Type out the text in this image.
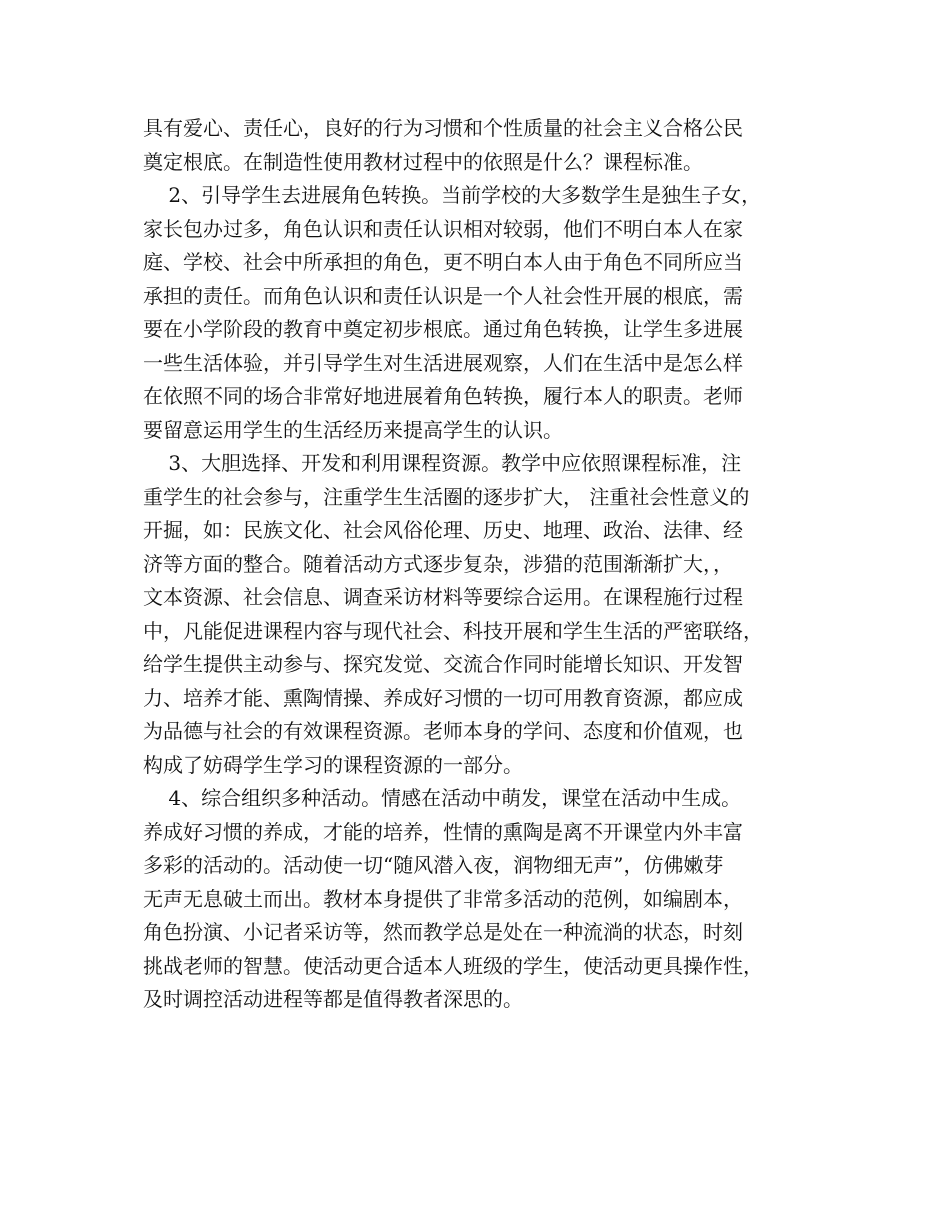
具有爱心、责任心，良好的行为习惯和个性质量的社会主义合格公民
奠定根底。在制造性使用教材过程中的依照是什么？课程标准。
2、引导学生去进展角色转换。当前学校的大多数学生是独生子女，
家长包办过多，角色认识和责任认识相对较弱，他们不明白本人在家
庭、学校、社会中所承担的角色，更不明白本人由于角色不同所应当
承担的责任。而角色认识和责任认识是一个人社会性开展的根底，需
要在小学阶段的教育中奠定初步根底。通过角色转换，让学生多进展
一些生活体验，并引导学生对生活进展观察，人们在生活中是怎么样
在依照不同的场合非常好地进展着角色转换，履行本人的职责。老师
要留意运用学生的生活经历来提高学生的认识。
3、大胆选择、开发和利用课程资源。教学中应依照课程标准，注
重学生的社会参与，注重学生生活圈的逐步扩大， 注重社会性意义的
开掘，如：民族文化、社会风俗伦理、历史、地理、政治、法律、经
济等方面的整合。随着活动方式逐步复杂，涉猎的范围渐渐扩大，，
文本资源、社会信息、调查采访材料等要综合运用。在课程施行过程
中，凡能促进课程内容与现代社会、科技开展和学生生活的严密联络，
给学生提供主动参与、探究发觉、交流合作同时能增长知识、开发智
力、培养才能、熏陶情操、养成好习惯的一切可用教育资源，都应成
为品德与社会的有效课程资源。老师本身的学问、态度和价值观，也
构成了妨碍学生学习的课程资源的一部分。
4、综合组织多种活动。情感在活动中萌发，课堂在活动中生成。
养成好习惯的养成，才能的培养，性情的熏陶是离不开课堂内外丰富
多彩的活动的。活动使一切“随风潜入夜，润物细无声”，仿佛嫩芽
无声无息破土而出。教材本身提供了非常多活动的范例，如编剧本，
角色扮演、小记者采访等，然而教学总是处在一种流淌的状态，时刻
挑战老师的智慧。使活动更合适本人班级的学生，使活动更具操作性，
及时调控活动进程等都是值得教者深思的。
